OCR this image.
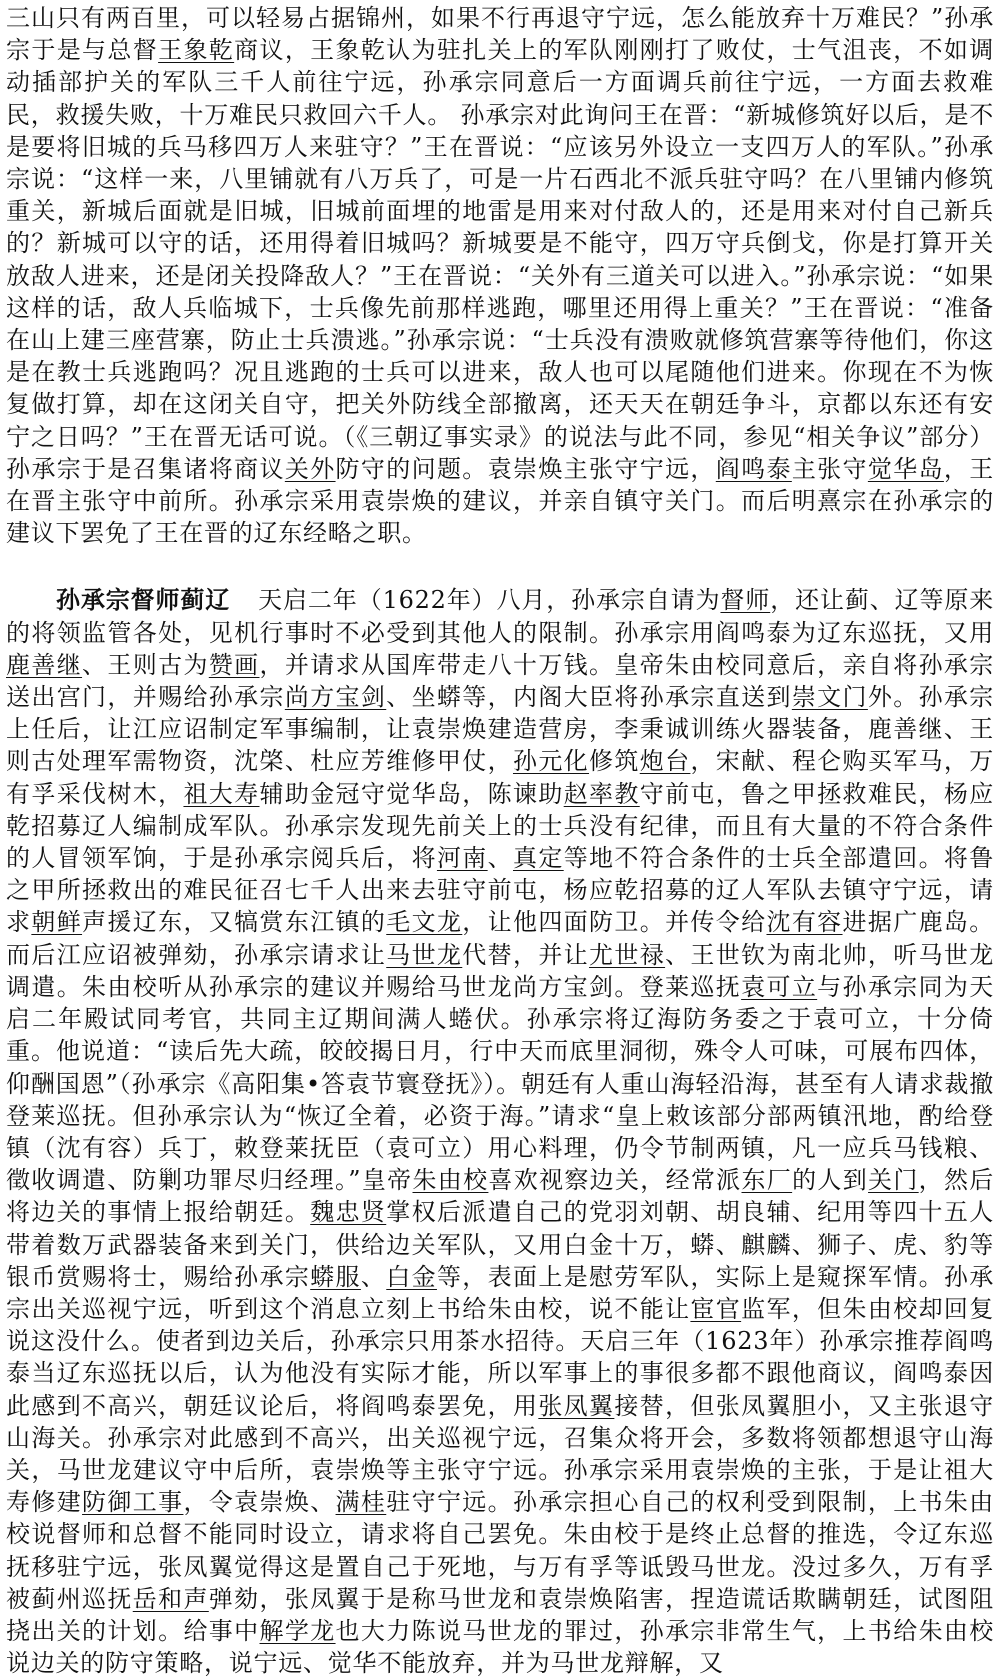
三山只有两百里，可以轻易占据锦州，如果不行再退守宁远，怎么能放弃十万难民？”孙承宗于是与总督王象乾商议，王象乾认为驻扎关上的军队刚刚打了败仗，士气沮丧，不如调动插部护关的军队三千人前往宁远，孙承宗同意后一方面调兵前往宁远，一方面去救难民，救援失败，十万难民只救回六千人。 孙承宗对此询问王在晋：“新城修筑好以后，是不是要将旧城的兵马移四万人来驻守？”王在晋说：“应该另外设立一支四万人的军队。”孙承宗说：“这样一来，八里铺就有八万兵了，可是一片石西北不派兵驻守吗？在八里铺内修筑重关，新城后面就是旧城，旧城前面埋的地雷是用来对付敌人的，还是用来对付自己新兵的？新城可以守的话，还用得着旧城吗？新城要是不能守，四万守兵倒戈，你是打算开关放敌人进来，还是闭关投降敌人？”王在晋说：“关外有三道关可以进入。”孙承宗说：“如果这样的话，敌人兵临城下，士兵像先前那样逃跑，哪里还用得上重关？”王在晋说：“准备在山上建三座营寨，防止士兵溃逃。”孙承宗说：“士兵没有溃败就修筑营寨等待他们，你这是在教士兵逃跑吗？况且逃跑的士兵可以进来，敌人也可以尾随他们进来。你现在不为恢复做打算，却在这闭关自守，把关外防线全部撤离，还天天在朝廷争斗，京都以东还有安宁之日吗？”王在晋无话可说。（《三朝辽事实录》的说法与此不同，参见“相关争议”部分）孙承宗于是召集诸将商议关外防守的问题。袁崇焕主张守宁远，阎鸣泰主张守觉华岛，王在晋主张守中前所。孙承宗采用袁崇焕的建议，并亲自镇守关门。而后明熹宗在孙承宗的建议下罢免了王在晋的辽东经略之职。

孙承宗督师蓟辽 天启二年（1622年）八月，孙承宗自请为督师，还让蓟、辽等原来的将领监管各处，见机行事时不必受到其他人的限制。孙承宗用阎鸣泰为辽东巡抚，又用鹿善继、王则古为赞画，并请求从国库带走八十万钱。皇帝朱由校同意后，亲自将孙承宗送出宫门，并赐给孙承宗尚方宝剑、坐蟒等，内阁大臣将孙承宗直送到崇文门外。孙承宗上任后，让江应诏制定军事编制，让袁崇焕建造营房，李秉诚训练火器装备，鹿善继、王则古处理军需物资，沈棨、杜应芳维修甲仗，孙元化修筑炮台，宋献、程仑购买军马，万有孚采伐树木，祖大寿辅助金冠守觉华岛，陈谏助赵率教守前屯，鲁之甲拯救难民，杨应乾招募辽人编制成军队。孙承宗发现先前关上的士兵没有纪律，而且有大量的不符合条件的人冒领军饷，于是孙承宗阅兵后，将河南、真定等地不符合条件的士兵全部遣回。将鲁之甲所拯救出的难民征召七千人出来去驻守前屯，杨应乾招募的辽人军队去镇守宁远，请求朝鲜声援辽东，又犒赏东江镇的毛文龙，让他四面防卫。并传令给沈有容进据广鹿岛。而后江应诏被弹劾，孙承宗请求让马世龙代替，并让尤世禄、王世钦为南北帅，听马世龙调遣。朱由校听从孙承宗的建议并赐给马世龙尚方宝剑。登莱巡抚袁可立与孙承宗同为天启二年殿试同考官，共同主辽期间满人蜷伏。孙承宗将辽海防务委之于袁可立，十分倚重。他说道：“读后先大疏，皎皎揭日月，行中天而底里洞彻，殊令人可味，可展布四体，仰酬国恩”（孙承宗《高阳集•答袁节寰登抚》）。朝廷有人重山海轻沿海，甚至有人请求裁撤登莱巡抚。但孙承宗认为“恢辽全着，必资于海。”请求“皇上敕该部分部两镇汛地，酌给登镇（沈有容）兵丁，敕登莱抚臣（袁可立）用心料理，仍令节制两镇，凡一应兵马钱粮、徵收调遣、防剿功罪尽归经理。”皇帝朱由校喜欢视察边关，经常派东厂的人到关门，然后将边关的事情上报给朝廷。魏忠贤掌权后派遣自己的党羽刘朝、胡良辅、纪用等四十五人带着数万武器装备来到关门，供给边关军队，又用白金十万，蟒、麒麟、狮子、虎、豹等银币赏赐将士，赐给孙承宗蟒服、白金等，表面上是慰劳军队，实际上是窥探军情。孙承宗出关巡视宁远，听到这个消息立刻上书给朱由校，说不能让宦官监军，但朱由校却回复说这没什么。使者到边关后，孙承宗只用茶水招待。天启三年（1623年）孙承宗推荐阎鸣泰当辽东巡抚以后，认为他没有实际才能，所以军事上的事很多都不跟他商议，阎鸣泰因此感到不高兴，朝廷议论后，将阎鸣泰罢免，用张凤翼接替，但张凤翼胆小，又主张退守山海关。孙承宗对此感到不高兴，出关巡视宁远，召集众将开会，多数将领都想退守山海关，马世龙建议守中后所，袁崇焕等主张守宁远。孙承宗采用袁崇焕的主张，于是让祖大寿修建防御工事，令袁崇焕、满桂驻守宁远。孙承宗担心自己的权利受到限制，上书朱由校说督师和总督不能同时设立，请求将自己罢免。朱由校于是终止总督的推选，令辽东巡抚移驻宁远，张凤翼觉得这是置自己于死地，与万有孚等诋毁马世龙。没过多久，万有孚被蓟州巡抚岳和声弹劾，张凤翼于是称马世龙和袁崇焕陷害，捏造谎话欺瞒朝廷，试图阻挠出关的计划。给事中解学龙也大力陈说马世龙的罪过，孙承宗非常生气，上书给朱由校说边关的防守策略，说宁远、觉华不能放弃，并为马世龙辩解，又
